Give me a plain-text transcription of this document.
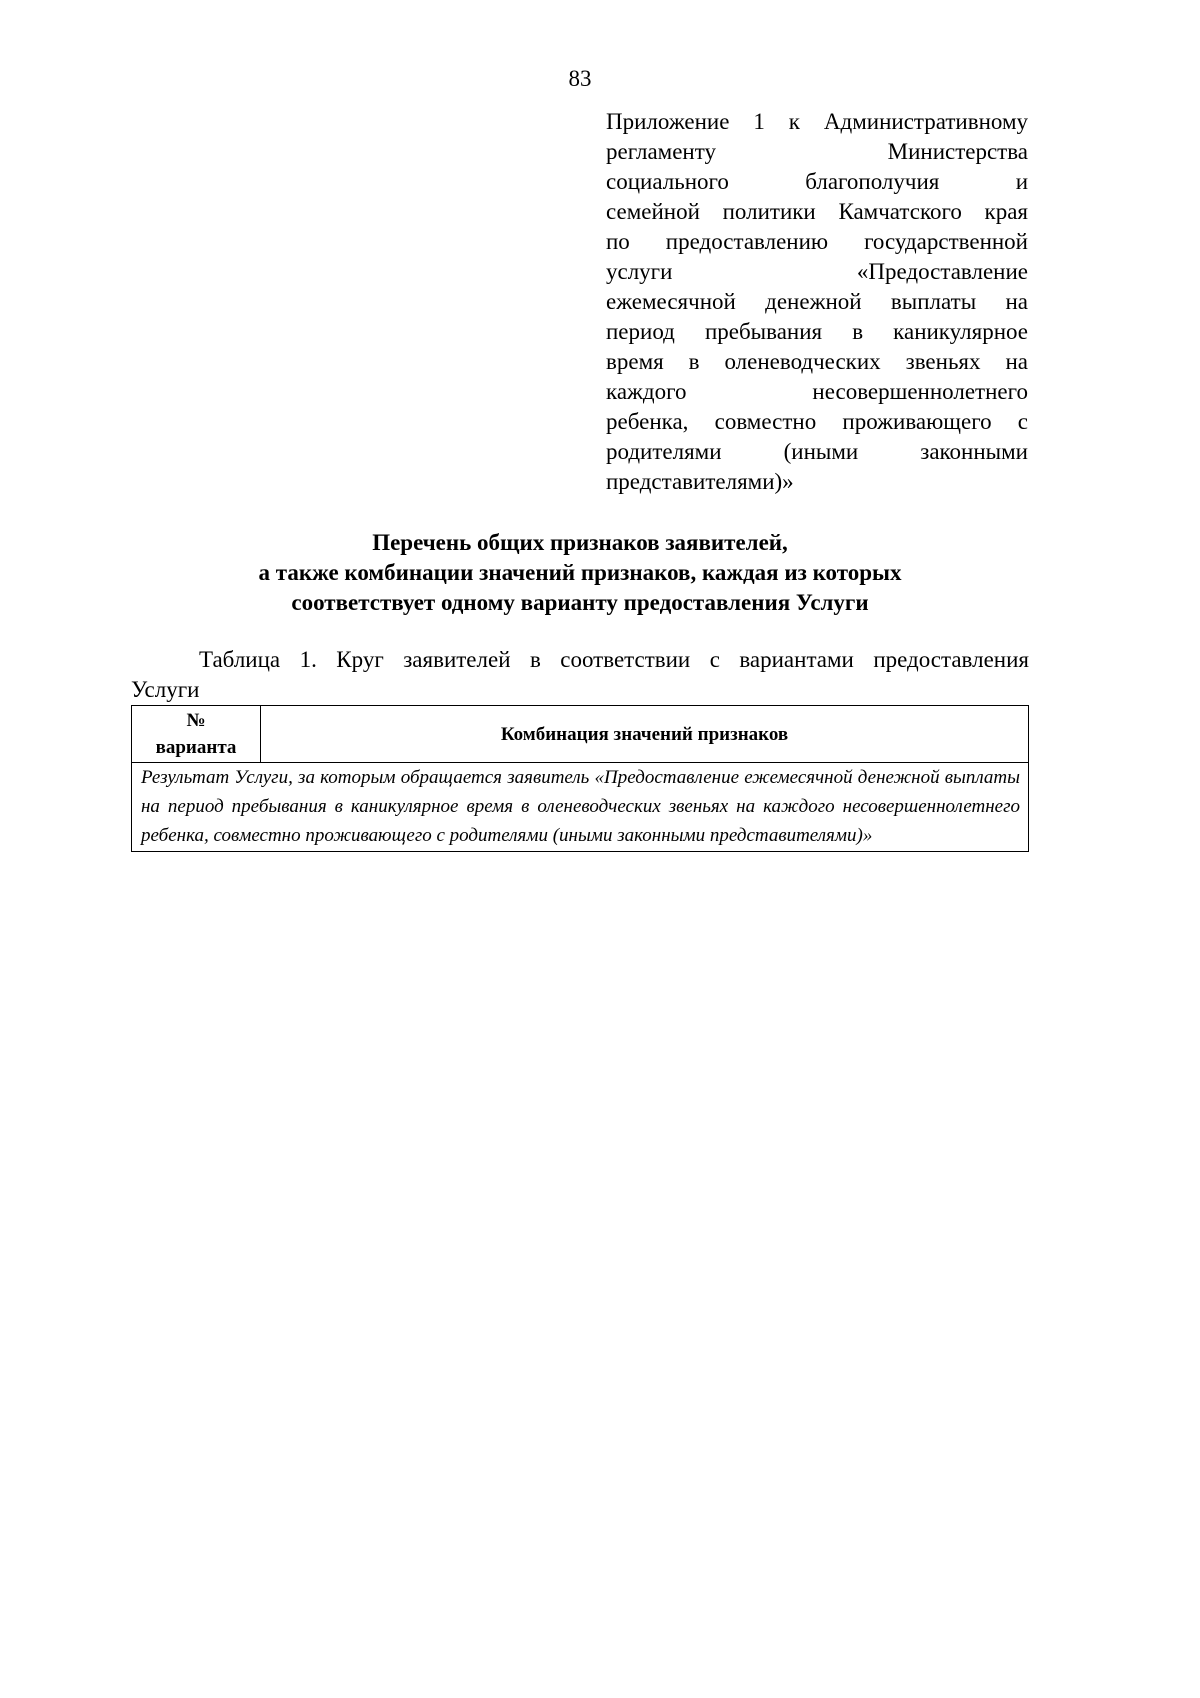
83
Приложение 1 к Административному
регламенту Министерства
социального благополучия и
семейной политики Камчатского края
по предоставлению государственной
услуги «Предоставление
ежемесячной денежной выплаты на
период пребывания в каникулярное
время в оленеводческих звеньях на
каждого несовершеннолетнего
ребенка, совместно проживающего с
родителями (иными законными
представителями)»
Перечень общих признаков заявителей,
а также комбинации значений признаков, каждая из которых
соответствует одному варианту предоставления Услуги
Таблица 1. Круг заявителей в соответствии с вариантами предоставления
Услуги
№
варианта
	Комбинация значений признаков
Результат Услуги, за которым обращается заявитель «Предоставление ежемесячной денежной выплаты на период пребывания в каникулярное время в оленеводческих звеньях на каждого несовершеннолетнего ребенка, совместно проживающего с родителями (иными законными представителями)»
